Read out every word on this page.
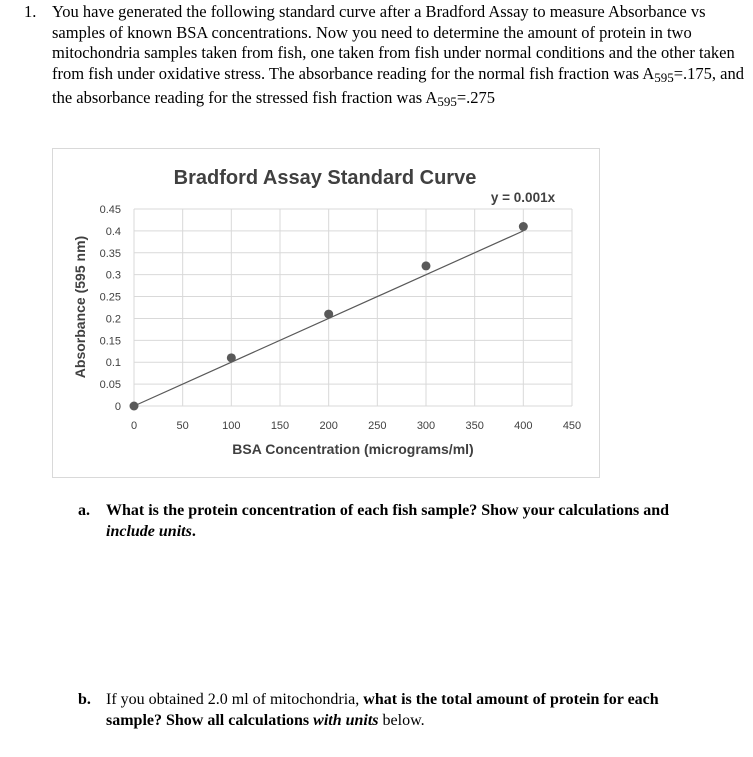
1. You have generated the following standard curve after a Bradford Assay to measure Absorbance vs samples of known BSA concentrations. Now you need to determine the amount of protein in two mitochondria samples taken from fish, one taken from fish under normal conditions and the other taken from fish under oxidative stress. The absorbance reading for the normal fish fraction was $A_{595}=.175$, and the absorbance reading for the stressed fish fraction was $A_{595}=.275$
Bradford Assay Standard Curve
y = 0.001x
0
0.05
0.1
0.15
0.2
0.25
0.3
0.35
0.4
0.45
0	50	100	150	200	250	300	350	400	450
BSA Concentration (micrograms/ml)
Absorbance (595 nm)
a. What is the protein concentration of each fish sample? Show your calculations and include units.
b. If you obtained 2.0 ml of mitochondria, what is the total amount of protein for each sample? Show all calculations with units below.
